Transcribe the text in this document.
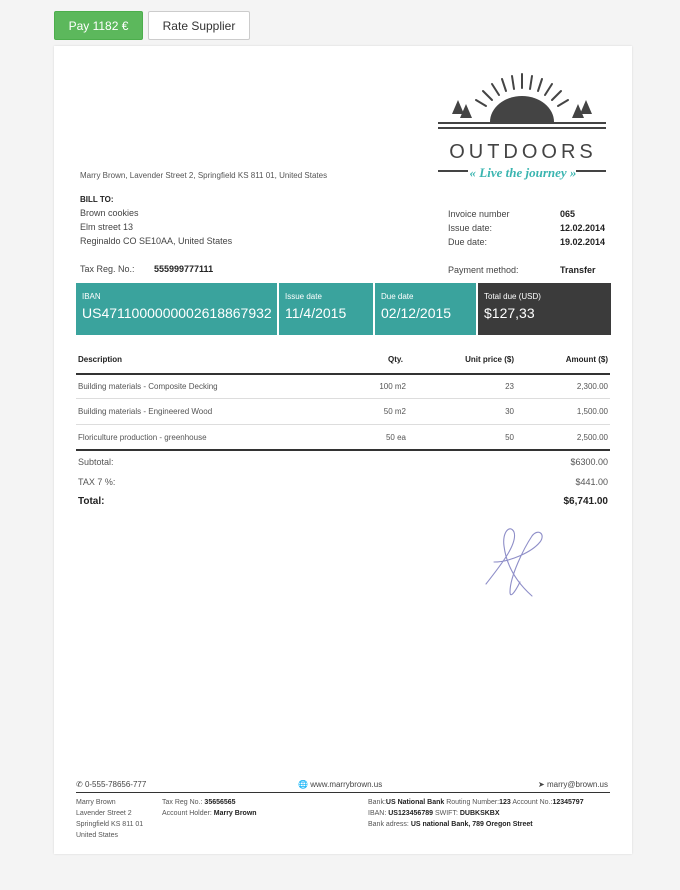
Pay 1182 €	Rate Supplier
OUTDOORS
« Live the journey »
Marry Brown, Lavender Street 2, Springfield KS 811 01, United States
BILL TO:
Brown cookies
Elm street 13
Reginaldo CO SE10AA, United States
Invoice number	065
Issue date:	12.02.2014
Due date:	19.02.2014
Tax Reg. No.: 555999777111	Payment method:	Transfer
IBAN
US4711000000002618867932
Issue date
11/4/2015
Due date
02/12/2015
Total due (USD)
$127,33
Description	Qty.	Unit price ($)	Amount ($)
Building materials - Composite Decking	100 m2	23	2,300.00
Building materials - Engineered Wood	50 m2	30	1,500.00
Floriculture production - greenhouse	50 ea	50	2,500.00
Subtotal:	$6300.00
TAX 7 %:	$441.00
Total:	$6,741.00
✆ 0-555-78656-777	🌐 www.marrybrown.us	➤ marry@brown.us
Marry Brown
Lavender Street 2
Springfield KS 811 01
United States
Tax Reg No.: 35656565
Account Holder: Marry Brown
Bank:US National Bank Routing Number:123 Account No.:12345797
IBAN: US123456789 SWIFT: DUBKSKBX
Bank adress: US national Bank, 789 Oregon Street
